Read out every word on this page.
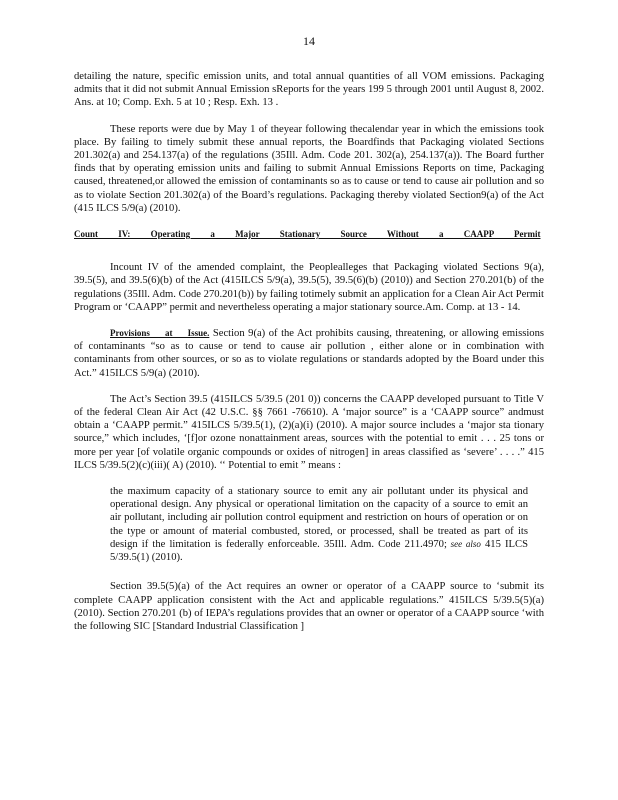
14

detailing the nature, specific emission units, and total annual quantities of all VOM emissions. Packaging admits that it did not submit Annual Emission sReports for the years 199 5 through 2001 until August 8, 2002. Ans. at 10; Comp. Exh. 5 at 10 ; Resp. Exh. 13 .

These reports were due by May 1 of theyear following thecalendar year in which the emissions took place. By failing to timely submit these annual reports, the Boardfinds that Packaging violated Sections 201.302(a) and 254.137(a) of the regulations (35Ill. Adm. Code 201. 302(a), 254.137(a)). The Board further finds that by operating emission units and failing to submit Annual Emissions Reports on time, Packaging caused, threatened,or allowed the emission of contaminants so as to cause or tend to cause air pollution and so as to violate Section 201.302(a) of the Board’s regulations. Packaging thereby violated Section9(a) of the Act (415 ILCS 5/9(a) (2010).

Count IV: Operating a Major Stationary Source Without a CAAPP Permit

Incount IV of the amended complaint, the Peoplealleges that Packaging violated Sections 9(a), 39.5(5), and 39.5(6)(b) of the Act (415ILCS 5/9(a), 39.5(5), 39.5(6)(b) (2010)) and Section 270.201(b) of the regulations (35Ill. Adm. Code 270.201(b)) by failing totimely submit an application for a Clean Air Act Permit Program or ‘CAAPP” permit and nevertheless operating a major stationary source.Am. Comp. at 13 - 14.

Provisions at Issue. Section 9(a) of the Act prohibits causing, threatening, or allowing emissions of contaminants “so as to cause or tend to cause air pollution , either alone or in combination with contaminants from other sources, or so as to violate regulations or standards adopted by the Board under this Act.” 415ILCS 5/9(a) (2010).

The Act’s Section 39.5 (415ILCS 5/39.5 (201 0)) concerns the CAAPP developed pursuant to Title V of the federal Clean Air Act (42 U.S.C. §§ 7661 -76610). A ‘major source” is a ‘CAAPP source” andmust obtain a ‘CAAPP permit.” 415ILCS 5/39.5(1), (2)(a)(i) (2010). A major source includes a ‘major sta tionary source,” which includes, ‘[f]or ozone nonattainment areas, sources with the potential to emit . . . 25 tons or more per year [of volatile organic compounds or oxides of nitrogen] in areas classified as ‘severe’ . . . .” 415 ILCS 5/39.5(2)(c)(iii)( A) (2010). ‘‘ Potential to emit ” means :

the maximum capacity of a stationary source to emit any air pollutant under its physical and operational design. Any physical or operational limitation on the capacity of a source to emit an air pollutant, including air pollution control equipment and restriction on hours of operation or on the type or amount of material combusted, stored, or processed, shall be treated as part of its design if the limitation is federally enforceable. 35Ill. Adm. Code 211.4970; see also 415 ILCS 5/39.5(1) (2010).

Section 39.5(5)(a) of the Act requires an owner or operator of a CAAPP source to ‘submit its complete CAAPP application consistent with the Act and applicable regulations.” 415ILCS 5/39.5(5)(a) (2010). Section 270.201 (b) of IEPA’s regulations provides that an owner or operator of a CAAPP source ‘with the following SIC [Standard Industrial Classification ]
